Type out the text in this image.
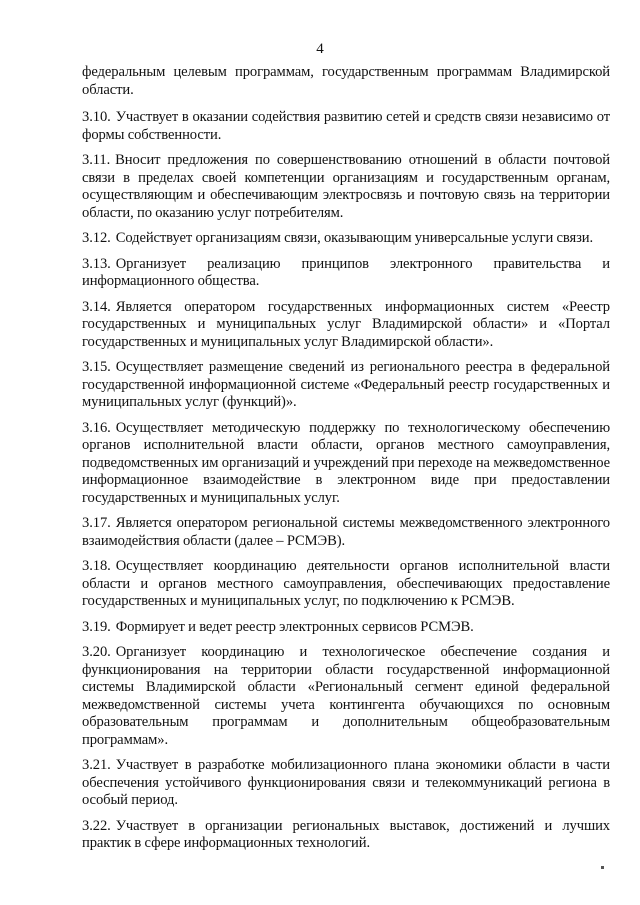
4

федеральным целевым программам, государственным программам Владимирской области.

3.10. Участвует в оказании содействия развитию сетей и средств связи независимо от формы собственности.

3.11. Вносит предложения по совершенствованию отношений в области почтовой связи в пределах своей компетенции организациям и государственным органам, осуществляющим и обеспечивающим электросвязь и почтовую связь на территории области, по оказанию услуг потребителям.

3.12. Содействует организациям связи, оказывающим универсальные услуги связи.

3.13. Организует реализацию принципов электронного правительства и информационного общества.

3.14. Является оператором государственных информационных систем «Реестр государственных и муниципальных услуг Владимирской области» и «Портал государственных и муниципальных услуг Владимирской области».

3.15. Осуществляет размещение сведений из регионального реестра в федеральной государственной информационной системе «Федеральный реестр государственных и муниципальных услуг (функций)».

3.16. Осуществляет методическую поддержку по технологическому обеспечению органов исполнительной власти области, органов местного самоуправления, подведомственных им организаций и учреждений при переходе на межведомственное информационное взаимодействие в электронном виде при предоставлении государственных и муниципальных услуг.

3.17. Является оператором региональной системы межведомственного электронного взаимодействия области (далее – РСМЭВ).

3.18. Осуществляет координацию деятельности органов исполнительной власти области и органов местного самоуправления, обеспечивающих предоставление государственных и муниципальных услуг, по подключению к РСМЭВ.

3.19. Формирует и ведет реестр электронных сервисов РСМЭВ.

3.20. Организует координацию и технологическое обеспечение создания и функционирования на территории области государственной информационной системы Владимирской области «Региональный сегмент единой федеральной межведомственной системы учета контингента обучающихся по основным образовательным программам и дополнительным общеобразовательным программам».

3.21. Участвует в разработке мобилизационного плана экономики области в части обеспечения устойчивого функционирования связи и телекоммуникаций региона в особый период.

3.22. Участвует в организации региональных выставок, достижений и лучших практик в сфере информационных технологий.
